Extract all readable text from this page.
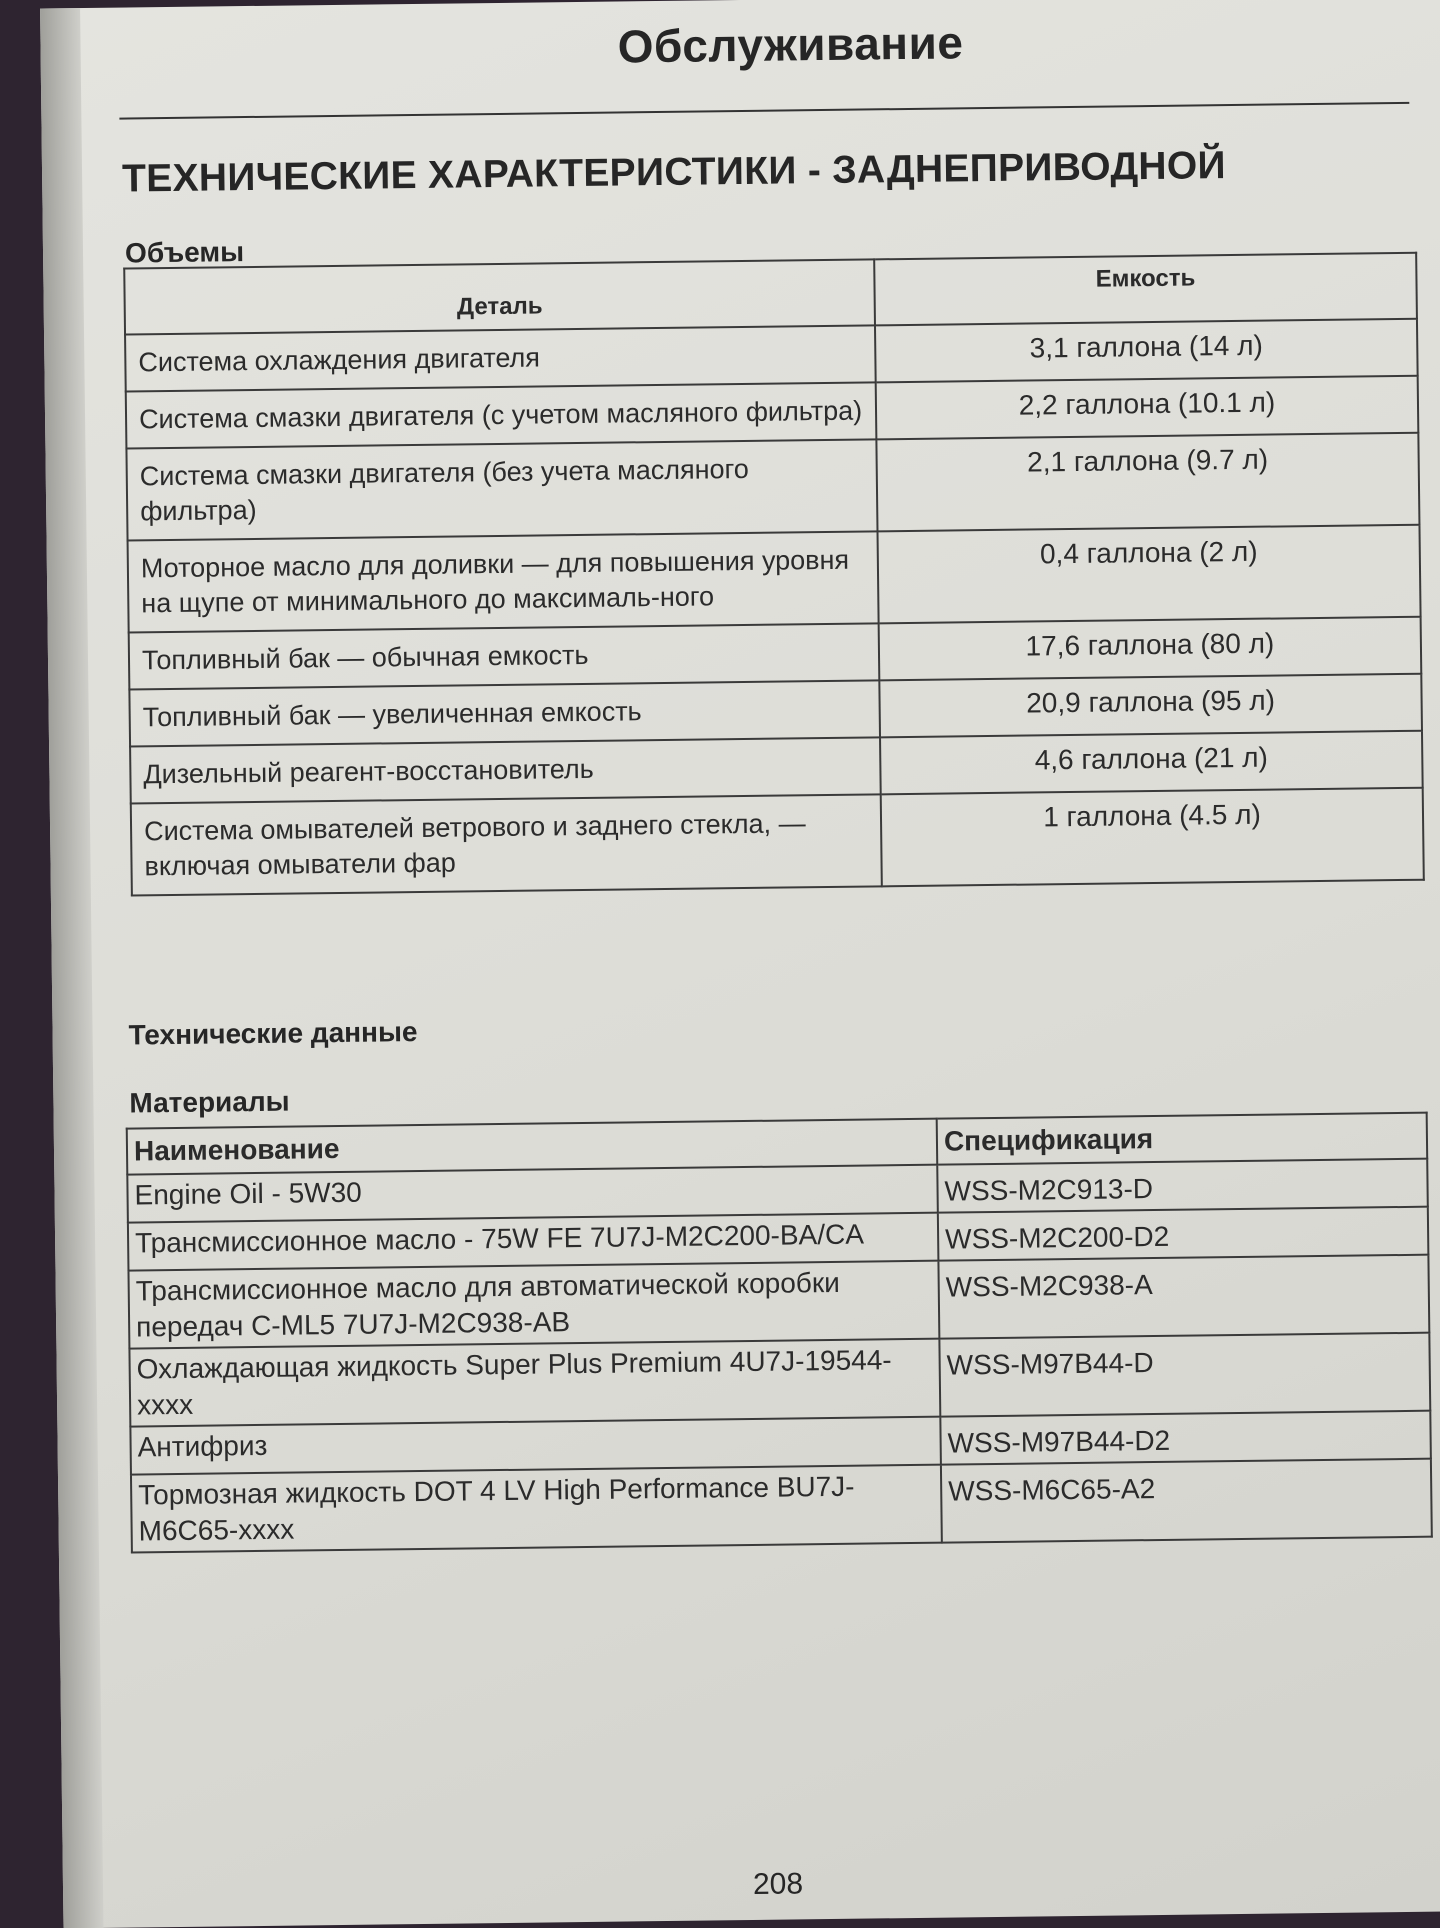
Обслуживание
ТЕХНИЧЕСКИЕ ХАРАКТЕРИСТИКИ - ЗАДНЕПРИВОДНОЙ
Объемы
Деталь	Емкость
Система охлаждения двигателя	3,1 галлона (14 л)
Система смазки двигателя (с учетом масляного фильтра)	2,2 галлона (10.1 л)
Система смазки двигателя (без учета масляного фильтра)	2,1 галлона (9.7 л)
Моторное масло для доливки — для повышения уровня на щупе от минимального до максималь-ного	0,4 галлона (2 л)
Топливный бак — обычная емкость	17,6 галлона (80 л)
Топливный бак — увеличенная емкость	20,9 галлона (95 л)
Дизельный реагент-восстановитель	4,6 галлона (21 л)
Система омывателей ветрового и заднего стекла, — включая омыватели фар	1 галлона (4.5 л)
Технические данные
Материалы
Наименование	Спецификация
Engine Oil - 5W30	WSS-M2C913-D
Трансмиссионное масло - 75W FE 7U7J-M2C200-BA/CA	WSS-M2C200-D2
Трансмиссионное масло для автоматической коробки передач C-ML5 7U7J-M2C938-AB	WSS-M2C938-A
Охлаждающая жидкость Super Plus Premium 4U7J-19544-xxxx	WSS-M97B44-D
Антифриз	WSS-M97B44-D2
Тормозная жидкость DOT 4 LV High Performance BU7J-M6C65-xxxx	WSS-M6C65-A2
208
